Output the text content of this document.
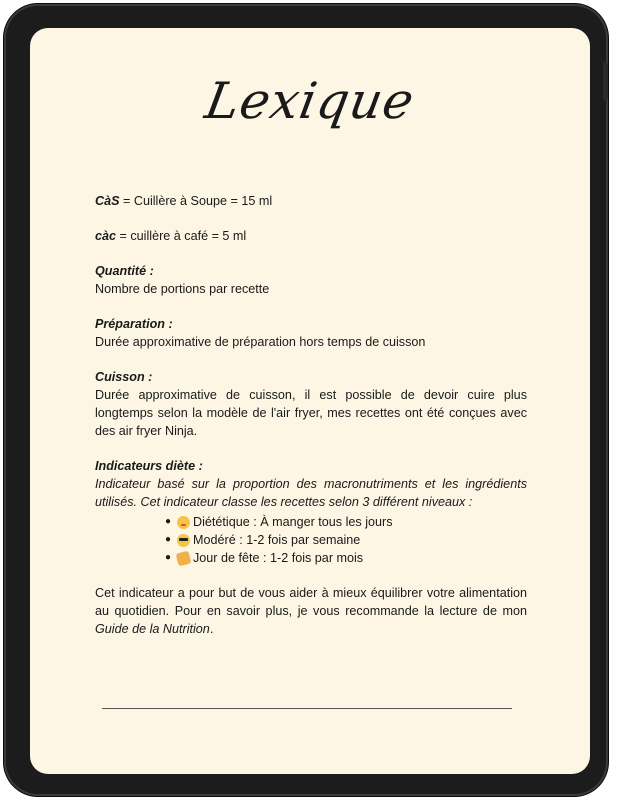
Lexique
CàS = Cuillère à Soupe = 15 ml
càc = cuillère à café = 5 ml
Quantité :
Nombre de portions par recette
Préparation :
Durée approximative de préparation hors temps de cuisson
Cuisson :
Durée approximative de cuisson, il est possible de devoir cuire plus longtemps selon la modèle de l'air fryer, mes recettes ont été conçues avec des air fryer Ninja.
Indicateurs diète :
Indicateur basé sur la proportion des macronutriments et les ingrédients utilisés. Cet indicateur classe les recettes selon 3 différent niveaux :
●	Diététique : À manger tous les jours
●	Modéré : 1-2 fois par semaine
●	Jour de fête : 1-2 fois par mois
Cet indicateur a pour but de vous aider à mieux équilibrer votre alimentation au quotidien. Pour en savoir plus, je vous recommande la lecture de mon Guide de la Nutrition.
